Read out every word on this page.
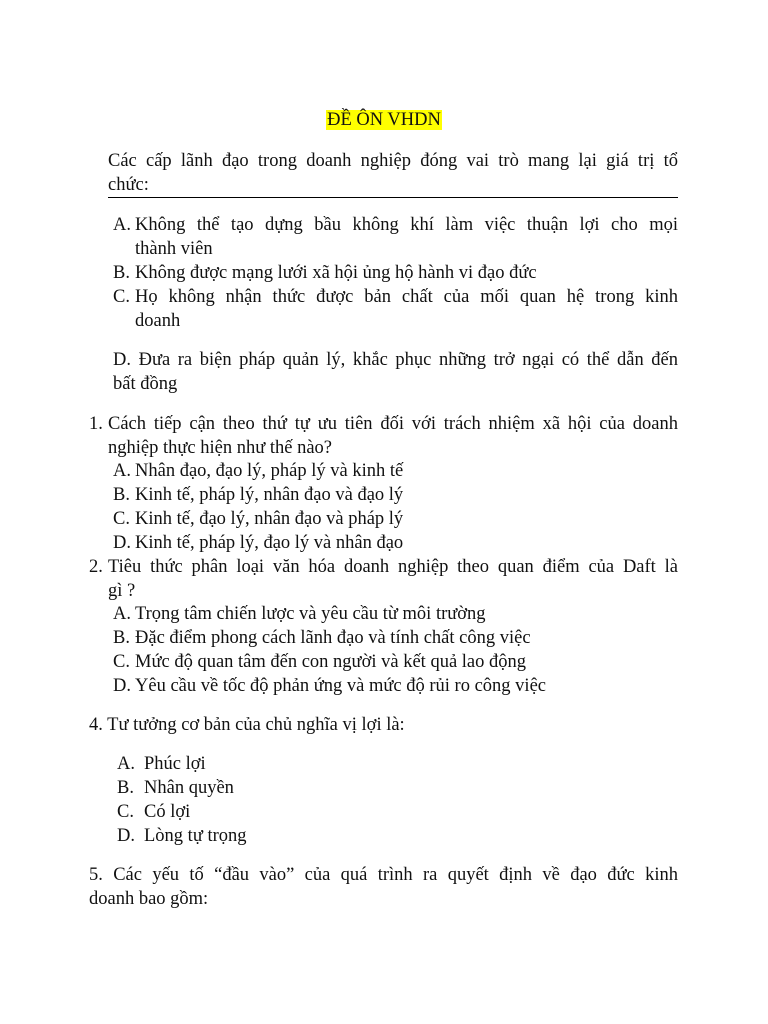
ĐỀ ÔN VHDN
Các cấp lãnh đạo trong doanh nghiệp đóng vai trò mang lại giá trị tổ
chức:
A. Không thể tạo dựng bầu không khí làm việc thuận lợi cho mọi
thành viên
B. Không được mạng lưới xã hội ủng hộ hành vi đạo đức
C. Họ không nhận thức được bản chất của mối quan hệ trong kinh
doanh
D. Đưa ra biện pháp quản lý, khắc phục những trở ngại có thể dẫn đến
bất đồng
1. Cách tiếp cận theo thứ tự ưu tiên đối với trách nhiệm xã hội của doanh
nghiệp thực hiện như thế nào?
A. Nhân đạo, đạo lý, pháp lý và kinh tế
B. Kinh tế, pháp lý, nhân đạo và đạo lý
C. Kinh tế, đạo lý, nhân đạo và pháp lý
D. Kinh tế, pháp lý, đạo lý và nhân đạo
2. Tiêu thức phân loại văn hóa doanh nghiệp theo quan điểm của Daft là
gì ?
A. Trọng tâm chiến lược và yêu cầu từ môi trường
B. Đặc điểm phong cách lãnh đạo và tính chất công việc
C. Mức độ quan tâm đến con người và kết quả lao động
D. Yêu cầu về tốc độ phản ứng và mức độ rủi ro công việc
4. Tư tưởng cơ bản của chủ nghĩa vị lợi là:
A. Phúc lợi
B. Nhân quyền
C. Có lợi
D. Lòng tự trọng
5. Các yếu tố “đầu vào” của quá trình ra quyết định về đạo đức kinh
doanh bao gồm:
